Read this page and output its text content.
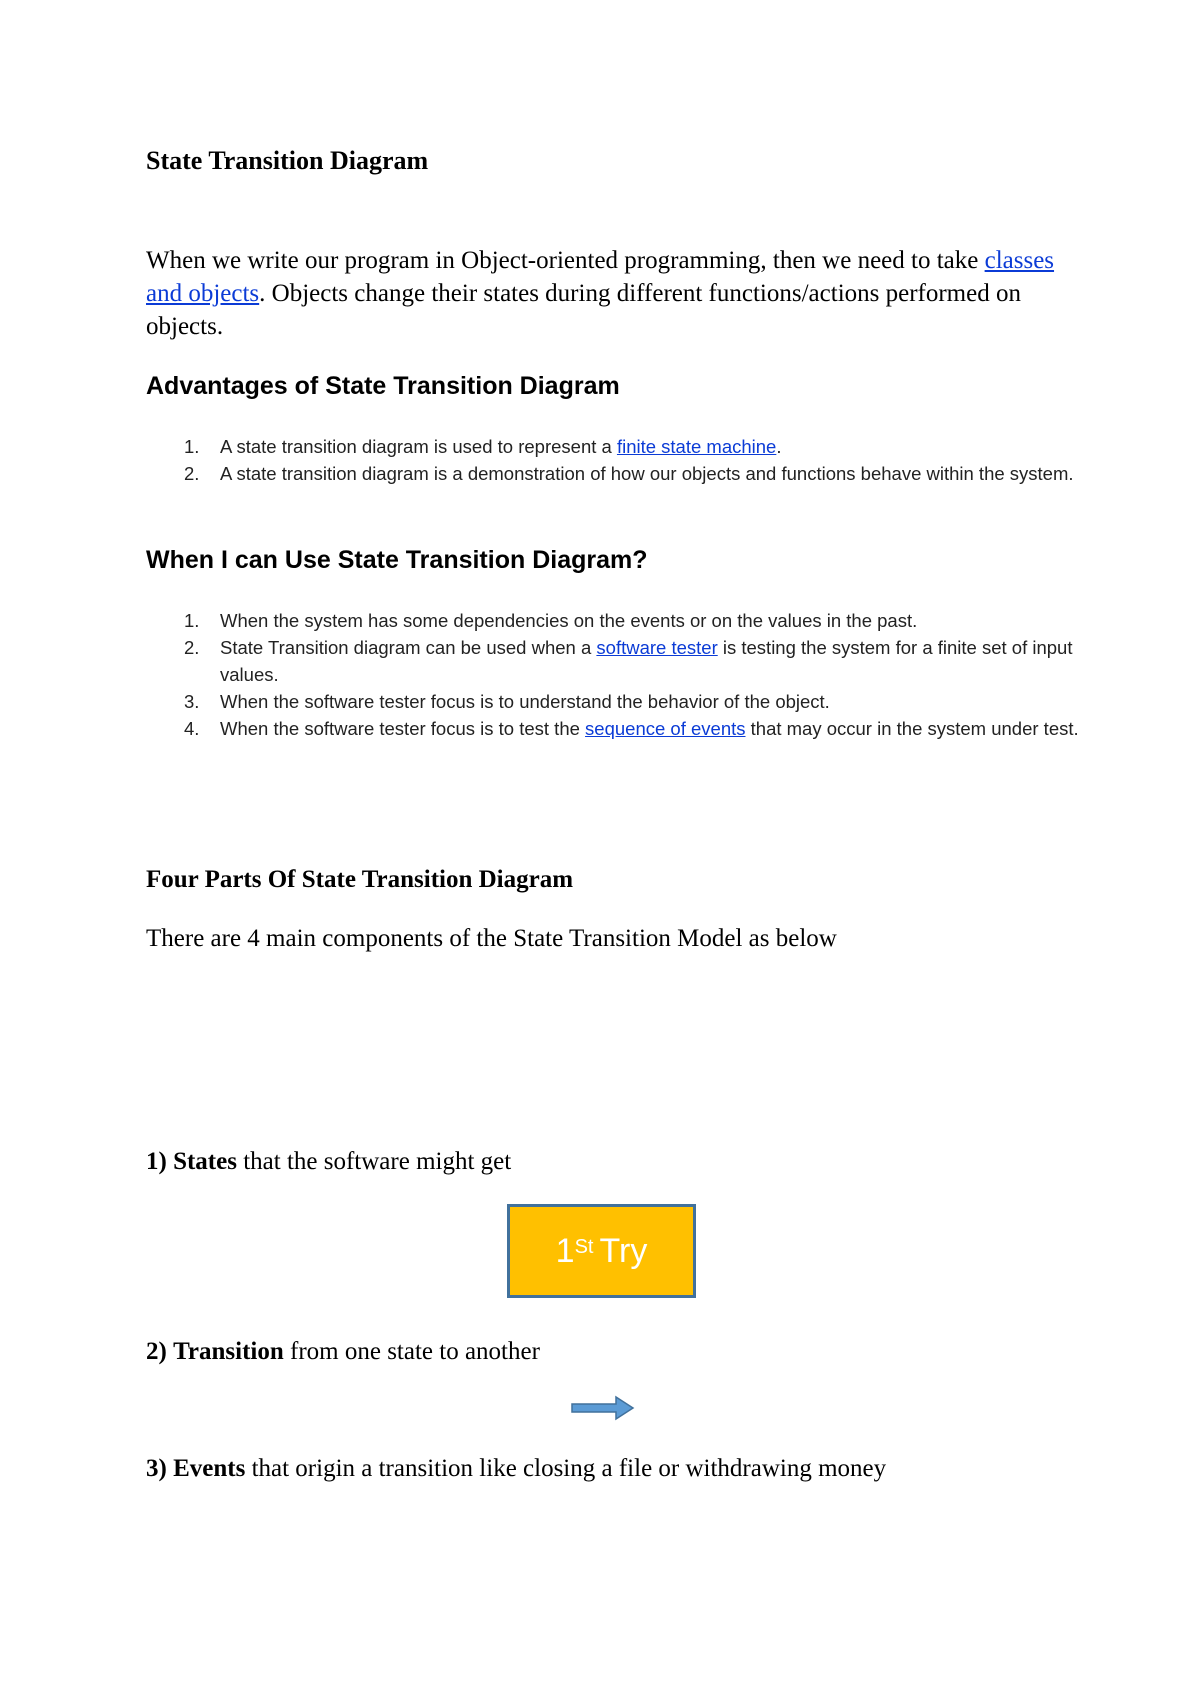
State Transition Diagram
When we write our program in Object-oriented programming, then we need to take classes and objects. Objects change their states during different functions/actions performed on objects.
Advantages of State Transition Diagram
1. A state transition diagram is used to represent a finite state machine.
2. A state transition diagram is a demonstration of how our objects and functions behave within the system.
When I can Use State Transition Diagram?
1. When the system has some dependencies on the events or on the values in the past.
2. State Transition diagram can be used when a software tester is testing the system for a finite set of input values.
3. When the software tester focus is to understand the behavior of the object.
4. When the software tester focus is to test the sequence of events that may occur in the system under test.
Four Parts Of State Transition Diagram
There are 4 main components of the State Transition Model as below
1) States that the software might get
1St Try
2) Transition from one state to another
3) Events that origin a transition like closing a file or withdrawing money
